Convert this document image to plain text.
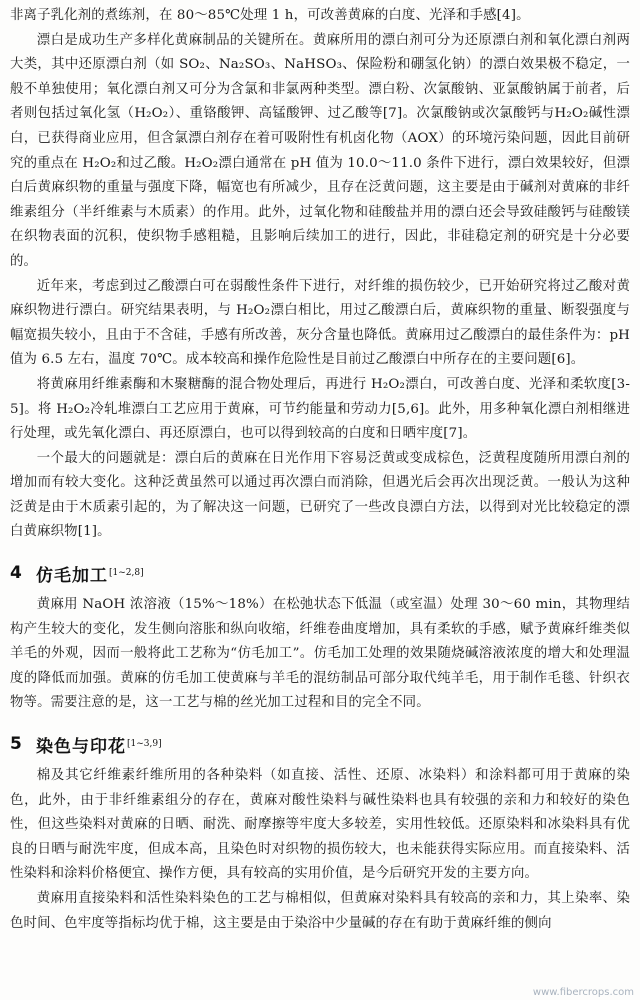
非离子乳化剂的煮练剂，在 80～85℃处理 1 h，可改善黄麻的白度、光泽和手感[4]。

漂白是成功生产多样化黄麻制品的关键所在。黄麻所用的漂白剂可分为还原漂白剂和氧化漂白剂两大类，其中还原漂白剂（如 SO₂、Na₂SO₃、NaHSO₃、保险粉和硼氢化钠）的漂白效果极不稳定，一般不单独使用；氧化漂白剂又可分为含氯和非氯两种类型。漂白粉、次氯酸钠、亚氯酸钠属于前者，后者则包括过氧化氢（H₂O₂）、重铬酸钾、高锰酸钾、过乙酸等[7]。次氯酸钠或次氯酸钙与H₂O₂碱性漂白，已获得商业应用，但含氯漂白剂存在着可吸附性有机卤化物（AOX）的环境污染问题，因此目前研究的重点在 H₂O₂和过乙酸。H₂O₂漂白通常在 pH 值为 10.0～11.0 条件下进行，漂白效果较好，但漂白后黄麻织物的重量与强度下降，幅宽也有所减少，且存在泛黄问题，这主要是由于碱剂对黄麻的非纤维素组分（半纤维素与木质素）的作用。此外，过氧化物和硅酸盐并用的漂白还会导致硅酸钙与硅酸镁在织物表面的沉积，使织物手感粗糙，且影响后续加工的进行，因此，非硅稳定剂的研究是十分必要的。

近年来，考虑到过乙酸漂白可在弱酸性条件下进行，对纤维的损伤较少，已开始研究将过乙酸对黄麻织物进行漂白。研究结果表明，与 H₂O₂漂白相比，用过乙酸漂白后，黄麻织物的重量、断裂强度与幅宽损失较小，且由于不含硅，手感有所改善，灰分含量也降低。黄麻用过乙酸漂白的最佳条件为：pH 值为 6.5 左右，温度 70℃。成本较高和操作危险性是目前过乙酸漂白中所存在的主要问题[6]。

将黄麻用纤维素酶和木聚糖酶的混合物处理后，再进行 H₂O₂漂白，可改善白度、光泽和柔软度[3-5]。将 H₂O₂冷轧堆漂白工艺应用于黄麻，可节约能量和劳动力[5,6]。此外，用多种氧化漂白剂相继进行处理，或先氧化漂白、再还原漂白，也可以得到较高的白度和日晒牢度[7]。

一个最大的问题就是：漂白后的黄麻在日光作用下容易泛黄或变成棕色，泛黄程度随所用漂白剂的增加而有较大变化。这种泛黄虽然可以通过再次漂白而消除，但遇光后会再次出现泛黄。一般认为这种泛黄是由于木质素引起的，为了解决这一问题，已研究了一些改良漂白方法，以得到对光比较稳定的漂白黄麻织物[1]。

4 仿毛加工 [1~2,8]

黄麻用 NaOH 浓溶液（15%～18%）在松弛状态下低温（或室温）处理 30～60 min，其物理结构产生较大的变化，发生侧向溶胀和纵向收缩，纤维卷曲度增加，具有柔软的手感，赋予黄麻纤维类似羊毛的外观，因而一般将此工艺称为“仿毛加工”。仿毛加工处理的效果随烧碱溶液浓度的增大和处理温度的降低而加强。黄麻的仿毛加工使黄麻与羊毛的混纺制品可部分取代纯羊毛，用于制作毛毯、针织衣物等。需要注意的是，这一工艺与棉的丝光加工过程和目的完全不同。

5 染色与印花 [1~3,9]

棉及其它纤维素纤维所用的各种染料（如直接、活性、还原、冰染料）和涂料都可用于黄麻的染色，此外，由于非纤维素组分的存在，黄麻对酸性染料与碱性染料也具有较强的亲和力和较好的染色性，但这些染料对黄麻的日晒、耐洗、耐摩擦等牢度大多较差，实用性较低。还原染料和冰染料具有优良的日晒与耐洗牢度，但成本高，且染色时对织物的损伤较大，也未能获得实际应用。而直接染料、活性染料和涂料价格便宜、操作方便，具有较高的实用价值，是今后研究开发的主要方向。

黄麻用直接染料和活性染料染色的工艺与棉相似，但黄麻对染料具有较高的亲和力，其上染率、染色时间、色牢度等指标均优于棉，这主要是由于染浴中少量碱的存在有助于黄麻纤维的侧向

www.fibercrops.com
